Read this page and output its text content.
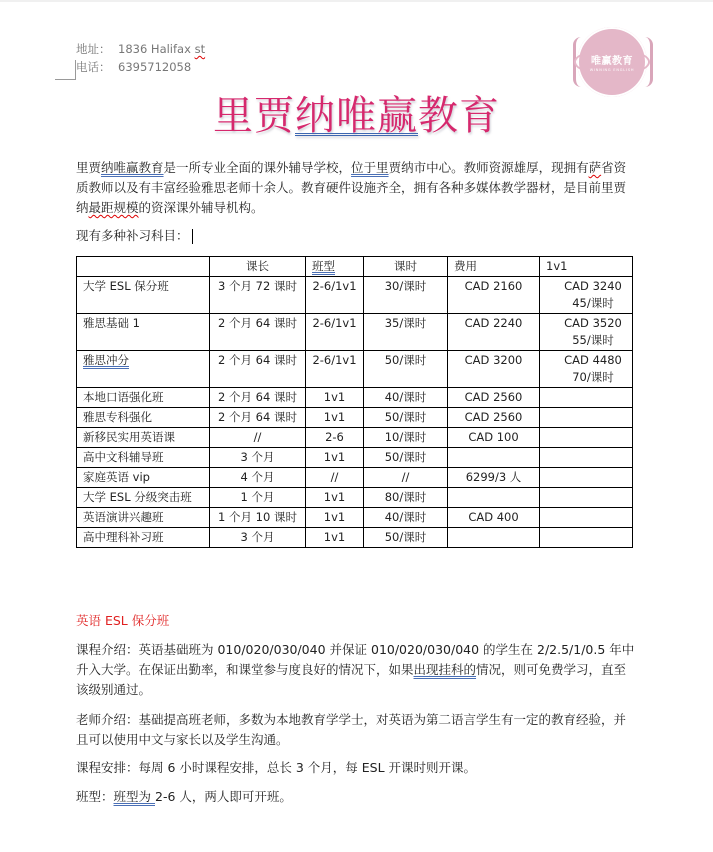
地址： 1836 Halifax st
电话： 6395712058	唯赢教育
WINNING ENGLISH
里贾纳唯赢教育
里贾纳唯赢教育是一所专业全面的课外辅导学校，位于里贾纳市中心。教师资源雄厚，现拥有萨省资质教师以及有丰富经验雅思老师十余人。教育硬件设施齐全，拥有各种多媒体教学器材，是目前里贾纳最距规模的资深课外辅导机构。
现有多种补习科目：
	课长	班型	课时	费用	1v1
大学 ESL 保分班	3 个月 72 课时	2-6/1v1	30/课时	CAD 2160	CAD 3240 45/课时
雅思基础 1	2 个月 64 课时	2-6/1v1	35/课时	CAD 2240	CAD 3520 55/课时
雅思冲分	2 个月 64 课时	2-6/1v1	50/课时	CAD 3200	CAD 4480 70/课时
本地口语强化班	2 个月 64 课时	1v1	40/课时	CAD 2560	
雅思专科强化	2 个月 64 课时	1v1	50/课时	CAD 2560	
新移民实用英语课	//	2-6	10/课时	CAD 100	
高中文科辅导班	3 个月	1v1	50/课时		
家庭英语 vip	4 个月	//	//	6299/3 人	
大学 ESL 分级突击班	1 个月	1v1	80/课时		
英语演讲兴趣班	1 个月 10 课时	1v1	40/课时	CAD 400	
高中理科补习班	3 个月	1v1	50/课时		
英语 ESL 保分班
课程介绍：英语基础班为 010/020/030/040 并保证 010/020/030/040 的学生在 2/2.5/1/0.5 年中升入大学。在保证出勤率，和课堂参与度良好的情况下，如果出现挂科的情况，则可免费学习，直至该级别通过。
老师介绍：基础提高班老师，多数为本地教育学学士，对英语为第二语言学生有一定的教育经验，并且可以使用中文与家长以及学生沟通。
课程安排：每周 6 小时课程安排，总长 3 个月，每 ESL 开课时则开课。
班型：班型为 2-6 人，两人即可开班。
